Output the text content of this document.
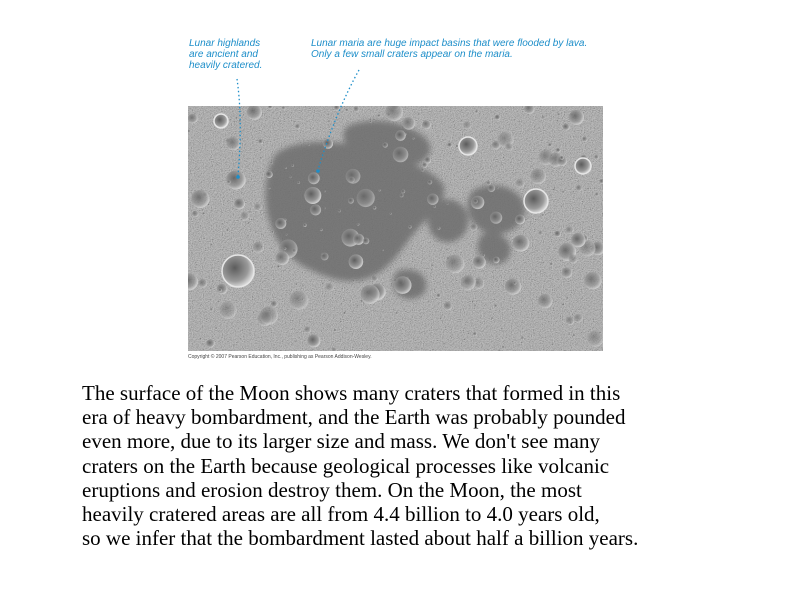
Lunar highlands
are ancient and
heavily cratered.
Lunar maria are huge impact basins that were flooded by lava.
Only a few small craters appear on the maria.
Copyright © 2007 Pearson Education, Inc., publishing as Pearson Addison-Wesley.
The surface of the Moon shows many craters that formed in this
era of heavy bombardment, and the Earth was probably pounded
even more, due to its larger size and mass. We don't see many
craters on the Earth because geological processes like volcanic
eruptions and erosion destroy them. On the Moon, the most
heavily cratered areas are all from 4.4 billion to 4.0 years old,
so we infer that the bombardment lasted about half a billion years.
